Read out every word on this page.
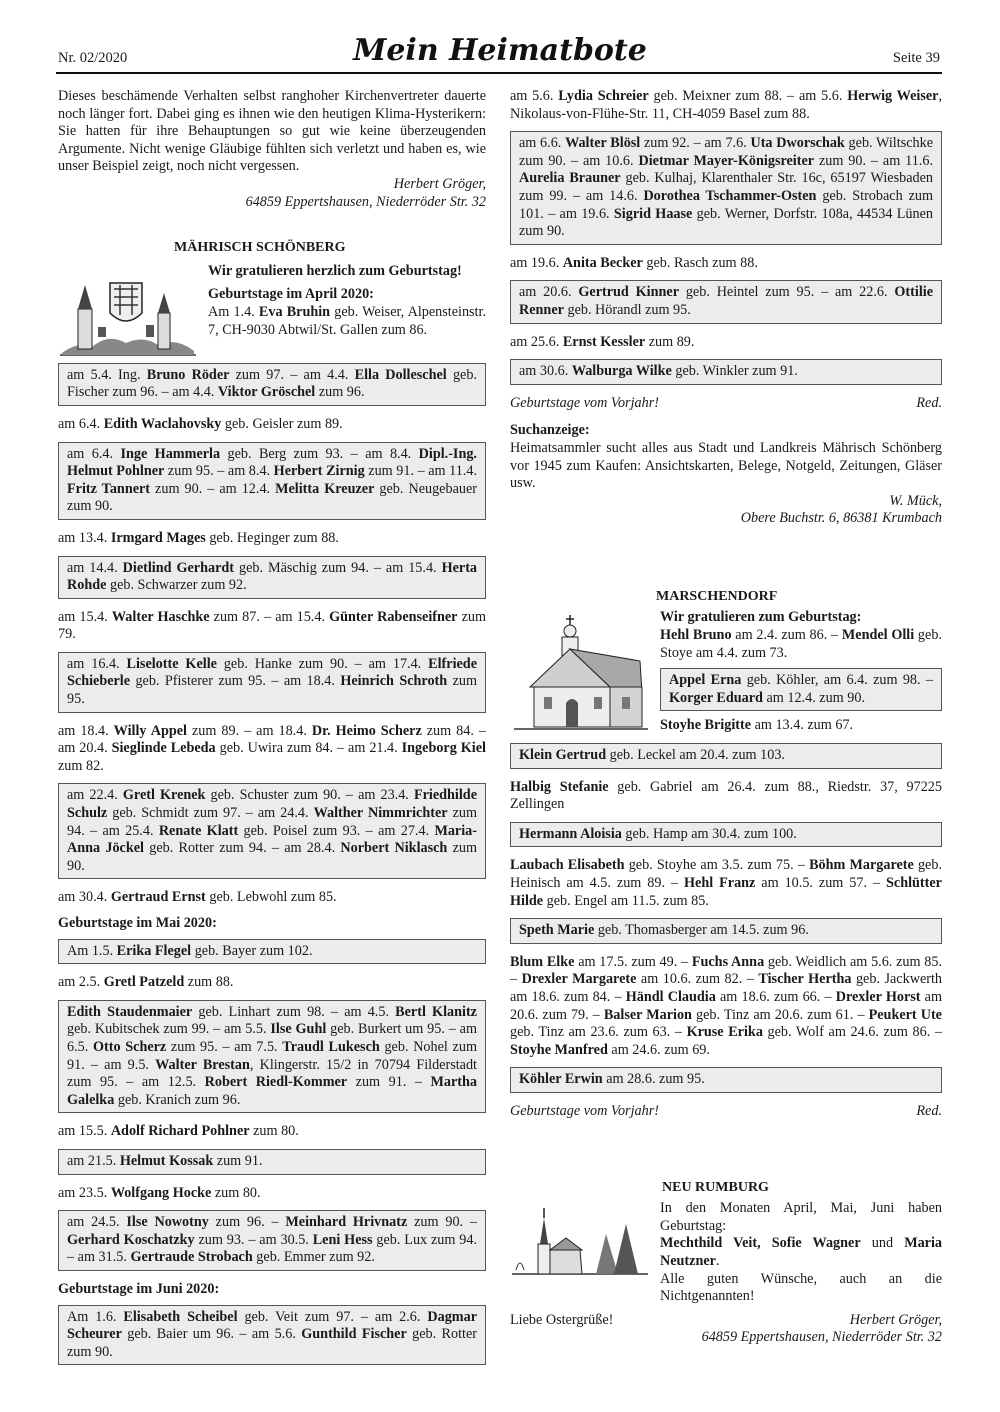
Nr. 02/2020	Mein Heimatbote	Seite 39

Dieses beschämende Verhalten selbst ranghoher Kirchenvertreter dauerte noch länger fort. Dabei ging es ihnen wie den heutigen Klima-Hysterikern: Sie hatten für ihre Behauptungen so gut wie keine überzeugenden Argumente. Nicht wenige Gläubige fühlten sich verletzt und haben es, wie unser Beispiel zeigt, noch nicht vergessen.

Herbert Gröger,
64859 Eppertshausen, Niederröder Str. 32
MÄHRISCH SCHÖNBERG
Wir gratulieren herzlich zum Geburtstag!
Geburtstage im April 2020:

Am 1.4. Eva Bruhin geb. Weiser, Alpensteinstr. 7, CH-9030 Abtwil/St. Gallen zum 86.

am 5.4. Ing. Bruno Röder zum 97. – am 4.4. Ella Dolleschel geb. Fischer zum 96. – am 4.4. Viktor Gröschel zum 96.

am 6.4. Edith Waclahovsky geb. Geisler zum 89.

am 6.4. Inge Hammerla geb. Berg zum 93. – am 8.4. Dipl.-Ing. Helmut Pohlner zum 95. – am 8.4. Herbert Zirnig zum 91. – am 11.4. Fritz Tannert zum 90. – am 12.4. Melitta Kreuzer geb. Neugebauer zum 90.

am 13.4. Irmgard Mages geb. Heginger zum 88.

am 14.4. Dietlind Gerhardt geb. Mäschig zum 94. – am 15.4. Herta Rohde geb. Schwarzer zum 92.

am 15.4. Walter Haschke zum 87. – am 15.4. Günter Rabenseifner zum 79.

am 16.4. Liselotte Kelle geb. Hanke zum 90. – am 17.4. Elfriede Schieberle geb. Pfisterer zum 95. – am 18.4. Heinrich Schroth zum 95.

am 18.4. Willy Appel zum 89. – am 18.4. Dr. Heimo Scherz zum 84. – am 20.4. Sieglinde Lebeda geb. Uwira zum 84. – am 21.4. Ingeborg Kiel zum 82.

am 22.4. Gretl Krenek geb. Schuster zum 90. – am 23.4. Friedhilde Schulz geb. Schmidt zum 97. – am 24.4. Walther Nimmrichter zum 94. – am 25.4. Renate Klatt geb. Poisel zum 93. – am 27.4. Maria-Anna Jöckel geb. Rotter zum 94. – am 28.4. Norbert Niklasch zum 90.

am 30.4. Gertraud Ernst geb. Lebwohl zum 85.

Geburtstage im Mai 2020:
Am 1.5. Erika Flegel geb. Bayer zum 102.

am 2.5. Gretl Patzeld zum 88.

Edith Staudenmaier geb. Linhart zum 98. – am 4.5. Bertl Klanitz geb. Kubitschek zum 99. – am 5.5. Ilse Guhl geb. Burkert um 95. – am 6.5. Otto Scherz zum 95. – am 7.5. Traudl Lukesch geb. Nohel zum 91. – am 9.5. Walter Brestan, Klingerstr. 15/2 in 70794 Filderstadt zum 95. – am 12.5. Robert Riedl-Kommer zum 91. – Martha Galelka geb. Kranich zum 96.

am 15.5. Adolf Richard Pohlner zum 80.

am 21.5. Helmut Kossak zum 91.

am 23.5. Wolfgang Hocke zum 80.

am 24.5. Ilse Nowotny zum 96. – Meinhard Hrivnatz zum 90. – Gerhard Koschatzky zum 93. – am 30.5. Leni Hess geb. Lux zum 94. – am 31.5. Gertraude Strobach geb. Emmer zum 92.
Geburtstage im Juni 2020:
Am 1.6. Elisabeth Scheibel geb. Veit zum 97. – am 2.6. Dagmar Scheurer geb. Baier um 96. – am 5.6. Gunthild Fischer geb. Rotter zum 90.

am 5.6. Lydia Schreier geb. Meixner zum 88. – am 5.6. Herwig Weiser, Nikolaus-von-Flühe-Str. 11, CH-4059 Basel zum 88.

am 6.6. Walter Blösl zum 92. – am 7.6. Uta Dworschak geb. Wiltschke zum 90. – am 10.6. Dietmar Mayer-Königsreiter zum 90. – am 11.6. Aurelia Brauner geb. Kulhaj, Klarenthaler Str. 16c, 65197 Wiesbaden zum 99. – am 14.6. Dorothea Tschammer-Osten geb. Strobach zum 101. – am 19.6. Sigrid Haase geb. Werner, Dorfstr. 108a, 44534 Lünen zum 90.

am 19.6. Anita Becker geb. Rasch zum 88.

am 20.6. Gertrud Kinner geb. Heintel zum 95. – am 22.6. Ottilie Renner geb. Hörandl zum 95.

am 25.6. Ernst Kessler zum 89.

am 30.6. Walburga Wilke geb. Winkler zum 91.
Geburtstage vom Vorjahr!	Red.
Suchanzeige:

Heimatsammler sucht alles aus Stadt und Landkreis Mährisch Schönberg vor 1945 zum Kaufen: Ansichtskarten, Belege, Notgeld, Zeitungen, Gläser usw.

W. Mück,
Obere Buchstr. 6, 86381 Krumbach
MARSCHENDORF
Wir gratulieren zum Geburtstag:

Hehl Bruno am 2.4. zum 86. – Mendel Olli geb. Stoye am 4.4. zum 73.

Appel Erna geb. Köhler, am 6.4. zum 98. – Korger Eduard am 12.4. zum 90.

Stoyhe Brigitte am 13.4. zum 67.

Klein Gertrud geb. Leckel am 20.4. zum 103.

Halbig Stefanie geb. Gabriel am 26.4. zum 88., Riedstr. 37, 97225 Zellingen

Hermann Aloisia geb. Hamp am 30.4. zum 100.

Laubach Elisabeth geb. Stoyhe am 3.5. zum 75. – Böhm Margarete geb. Heinisch am 4.5. zum 89. – Hehl Franz am 10.5. zum 57. – Schlütter Hilde geb. Engel am 11.5. zum 85.

Speth Marie geb. Thomasberger am 14.5. zum 96.

Blum Elke am 17.5. zum 49. – Fuchs Anna geb. Weidlich am 5.6. zum 85. – Drexler Margarete am 10.6. zum 82. – Tischer Hertha geb. Jackwerth am 18.6. zum 84. – Händl Claudia am 18.6. zum 66. – Drexler Horst am 20.6. zum 79. – Balser Marion geb. Tinz am 20.6. zum 61. – Peukert Ute geb. Tinz am 23.6. zum 63. – Kruse Erika geb. Wolf am 24.6. zum 86. – Stoyhe Manfred am 24.6. zum 69.

Köhler Erwin am 28.6. zum 95.
Geburtstage vom Vorjahr!	Red.
NEU RUMBURG

In den Monaten April, Mai, Juni haben Geburtstag:

Mechthild Veit, Sofie Wagner und Maria Neutzner.

Alle guten Wünsche, auch an die Nichtgenannten!

Liebe Ostergrüße!	Herbert Gröger,
64859 Eppertshausen, Niederröder Str. 32
